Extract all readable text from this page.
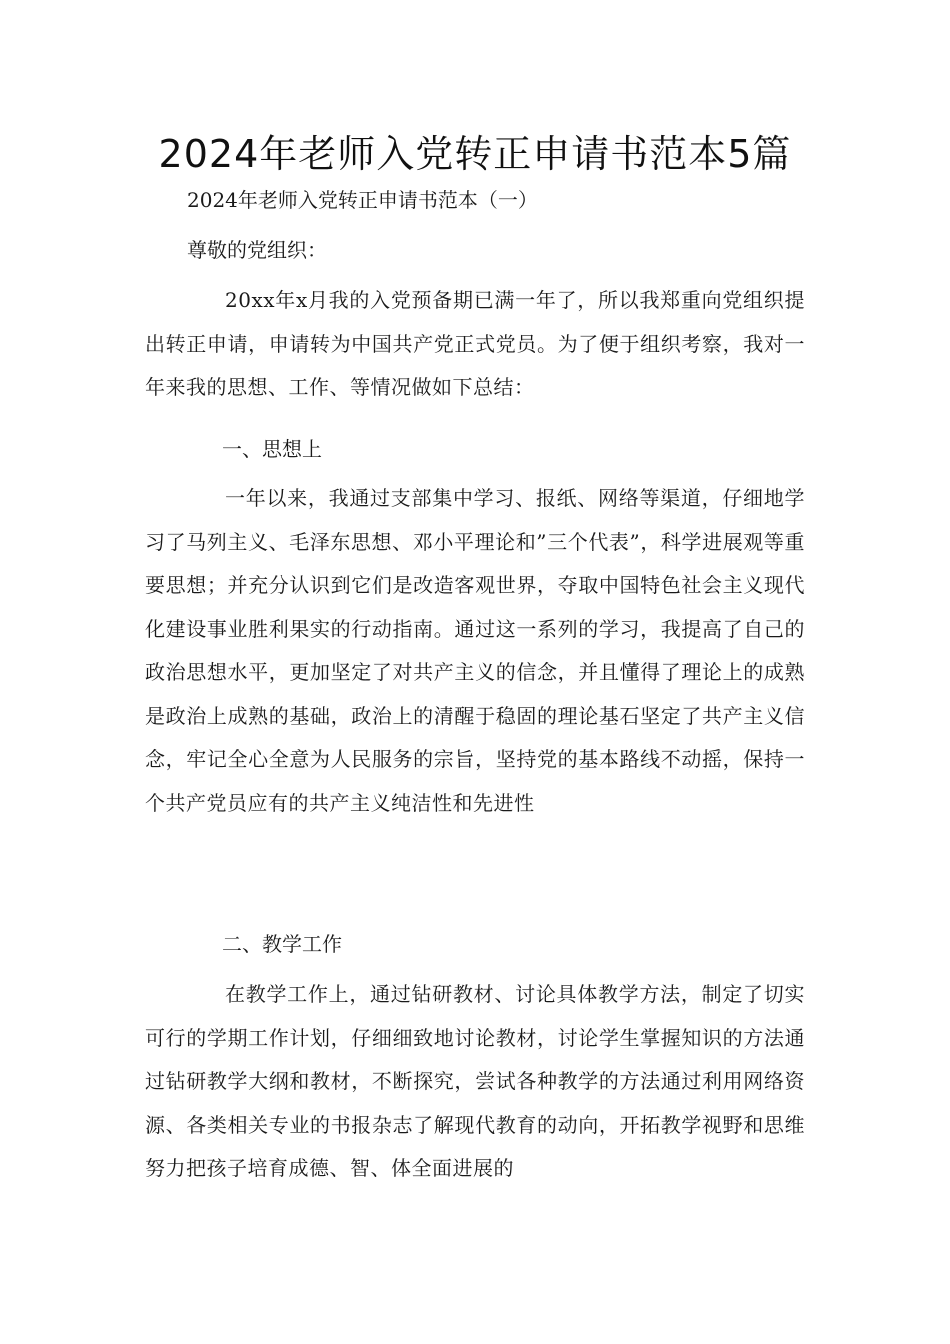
2024年老师入党转正申请书范本5篇
2024年老师入党转正申请书范本（一）
尊敬的党组织：
20xx年x月我的入党预备期已满一年了，所以我郑重向党组织提出转正申请，申请转为中国共产党正式党员。为了便于组织考察，我对一年来我的思想、工作、等情况做如下总结：
一、思想上
一年以来，我通过支部集中学习、报纸、网络等渠道，仔细地学习了马列主义、毛泽东思想、邓小平理论和”三个代表”，科学进展观等重要思想；并充分认识到它们是改造客观世界，夺取中国特色社会主义现代化建设事业胜利果实的行动指南。通过这一系列的学习，我提高了自己的政治思想水平，更加坚定了对共产主义的信念，并且懂得了理论上的成熟是政治上成熟的基础，政治上的清醒于稳固的理论基石坚定了共产主义信念，牢记全心全意为人民服务的宗旨，坚持党的基本路线不动摇，保持一个共产党员应有的共产主义纯洁性和先进性
二、教学工作
在教学工作上，通过钻研教材、讨论具体教学方法，制定了切实可行的学期工作计划，仔细细致地讨论教材，讨论学生掌握知识的方法通过钻研教学大纲和教材，不断探究，尝试各种教学的方法通过利用网络资源、各类相关专业的书报杂志了解现代教育的动向，开拓教学视野和思维努力把孩子培育成德、智、体全面进展的
